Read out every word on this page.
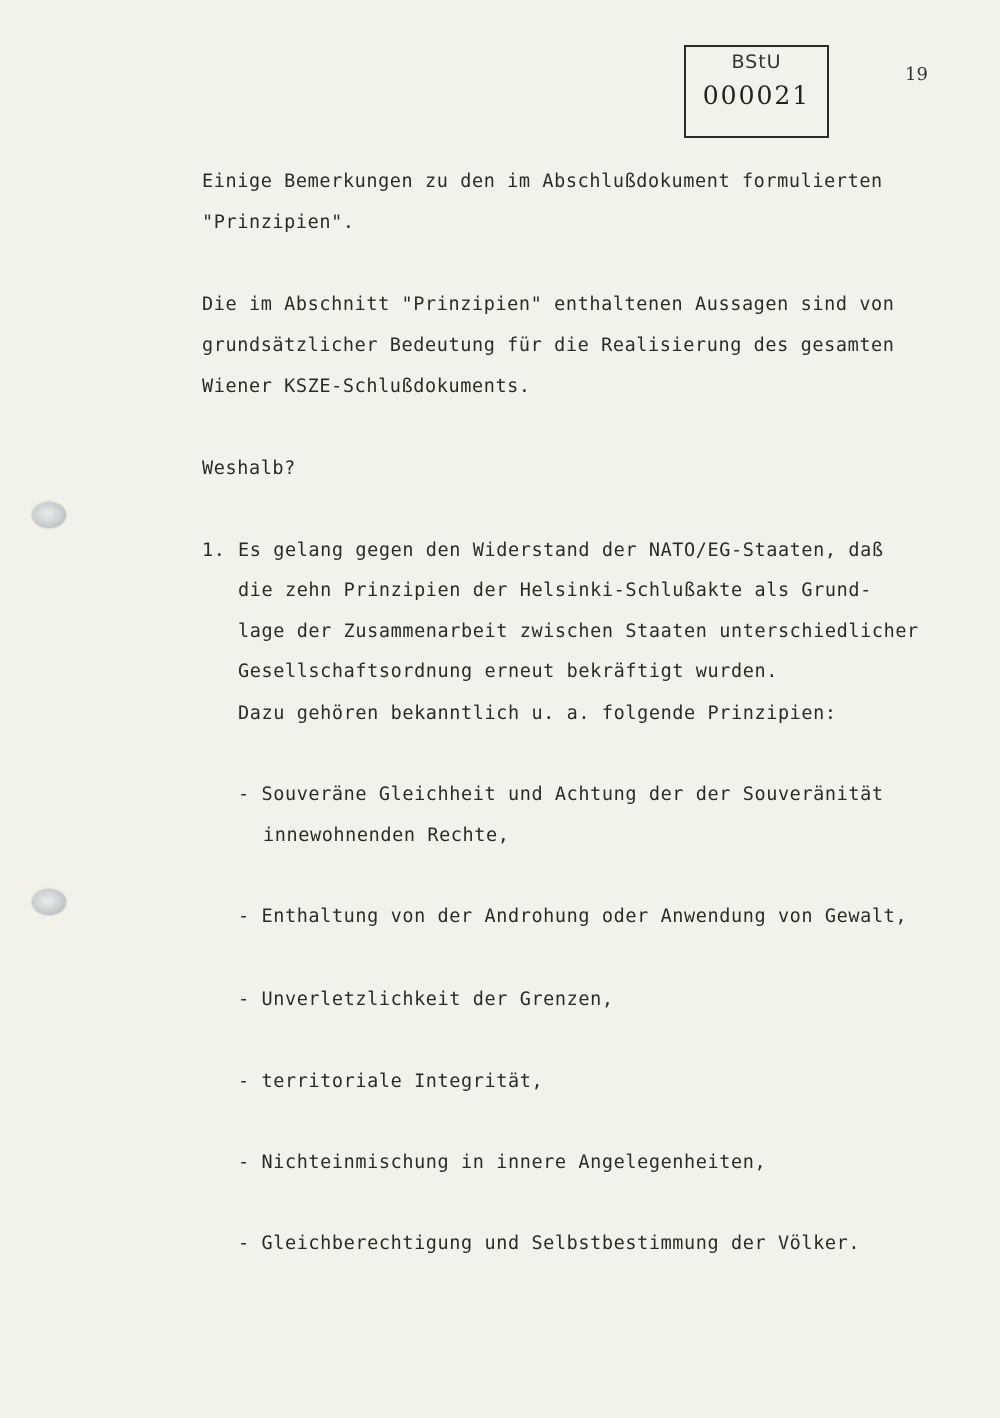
BStU
000021
19
Einige Bemerkungen zu den im Abschlußdokument formulierten
"Prinzipien".
Die im Abschnitt "Prinzipien" enthaltenen Aussagen sind von
grundsätzlicher Bedeutung für die Realisierung des gesamten
Wiener KSZE-Schlußdokuments.
Weshalb?
1. Es gelang gegen den Widerstand der NATO/EG-Staaten, daß
die zehn Prinzipien der Helsinki-Schlußakte als Grund-
lage der Zusammenarbeit zwischen Staaten unterschiedlicher
Gesellschaftsordnung erneut bekräftigt wurden.
Dazu gehören bekanntlich u. a. folgende Prinzipien:
- Souveräne Gleichheit und Achtung der der Souveränität
innewohnenden Rechte,
- Enthaltung von der Androhung oder Anwendung von Gewalt,
- Unverletzlichkeit der Grenzen,
- territoriale Integrität,
- Nichteinmischung in innere Angelegenheiten,
- Gleichberechtigung und Selbstbestimmung der Völker.
